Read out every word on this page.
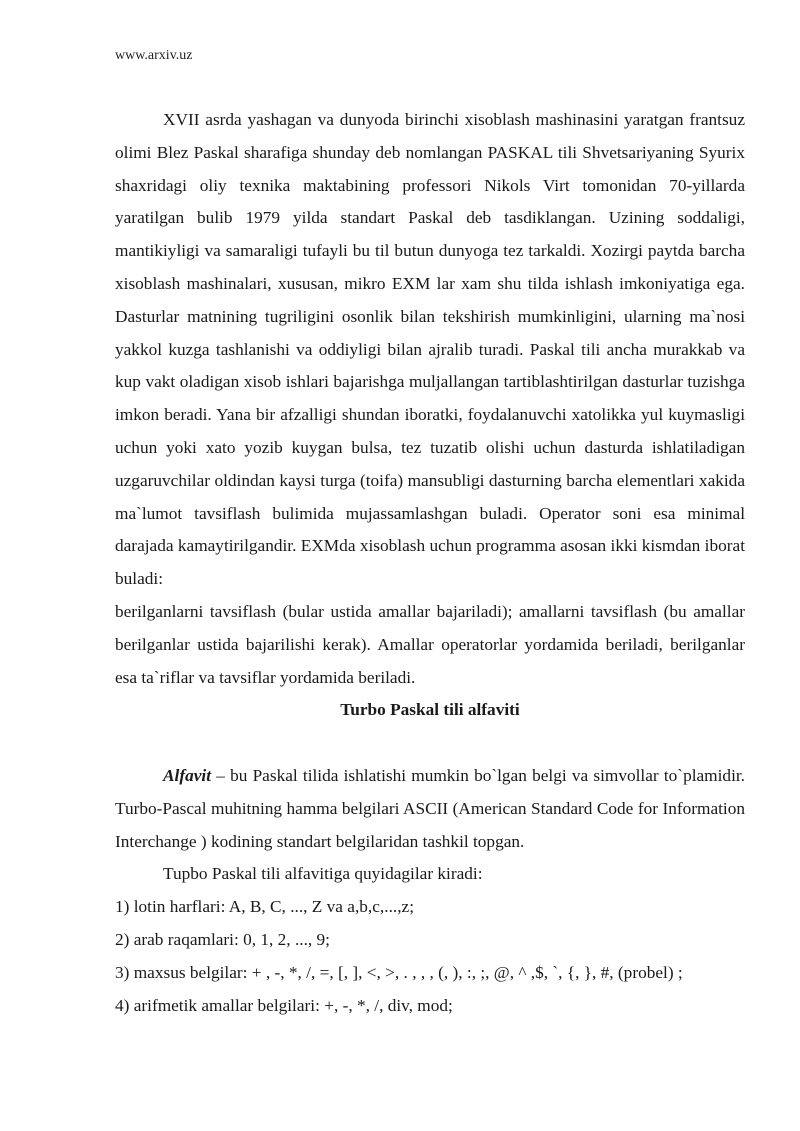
www.arxiv.uz

XVII asrda yashagan va dunyoda birinchi xisoblash mashinasini yaratgan frantsuz olimi Blez Paskal sharafiga shunday deb nomlangan PASKAL tili Shvetsariyaning Syurix shaxridagi oliy texnika maktabining professori Nikols Virt tomonidan 70-yillarda yaratilgan bulib 1979 yilda standart Paskal deb tasdiklangan. Uzining soddaligi, mantikiyligi va samaraligi tufayli bu til butun dunyoga tez tarkaldi. Xozirgi paytda barcha xisoblash mashinalari, xususan, mikro EXM lar xam shu tilda ishlash imkoniyatiga ega. Dasturlar matnining tugriligini osonlik bilan tekshirish mumkinligini, ularning ma`nosi yakkol kuzga tashlanishi va oddiyligi bilan ajralib turadi. Paskal tili ancha murakkab va kup vakt oladigan xisob ishlari bajarishga muljallangan tartiblashtirilgan dasturlar tuzishga imkon beradi. Yana bir afzalligi shundan iboratki, foydalanuvchi xatolikka yul kuymasligi uchun yoki xato yozib kuygan bulsa, tez tuzatib olishi uchun dasturda ishlatiladigan uzgaruvchilar oldindan kaysi turga (toifa) mansubligi dasturning barcha elementlari xakida ma`lumot tavsiflash bulimida mujassamlashgan buladi. Operator soni esa minimal darajada kamaytirilgandir. EXMda xisoblash uchun programma asosan ikki kismdan iborat buladi:

berilganlarni tavsiflash (bular ustida amallar bajariladi); amallarni tavsiflash (bu amallar berilganlar ustida bajarilishi kerak). Amallar operatorlar yordamida beriladi, berilganlar esa ta`riflar va tavsiflar yordamida beriladi.

Turbo Paskal tili alfaviti

Alfavit – bu Paskal tilida ishlatishi mumkin bo`lgan belgi va simvollar to`plamidir. Turbo-Pascal muhitning hamma belgilari ASCII (American Standard Code for Information Interchange ) kodining standart belgilaridan tashkil topgan.

Tupbo Paskal tili alfavitiga quyidagilar kiradi:

1) lotin harflari: A, B, C, ..., Z va a,b,c,...,z;

2) arab raqamlari: 0, 1, 2, ..., 9;

3) maxsus belgilar: + , -, *, /, =, [, ], <, >, . , , , (, ), :, ;, @, ^ ,$, `, {, }, #, (probel) ;

4) arifmetik amallar belgilari: +, -, *, /, div, mod;
